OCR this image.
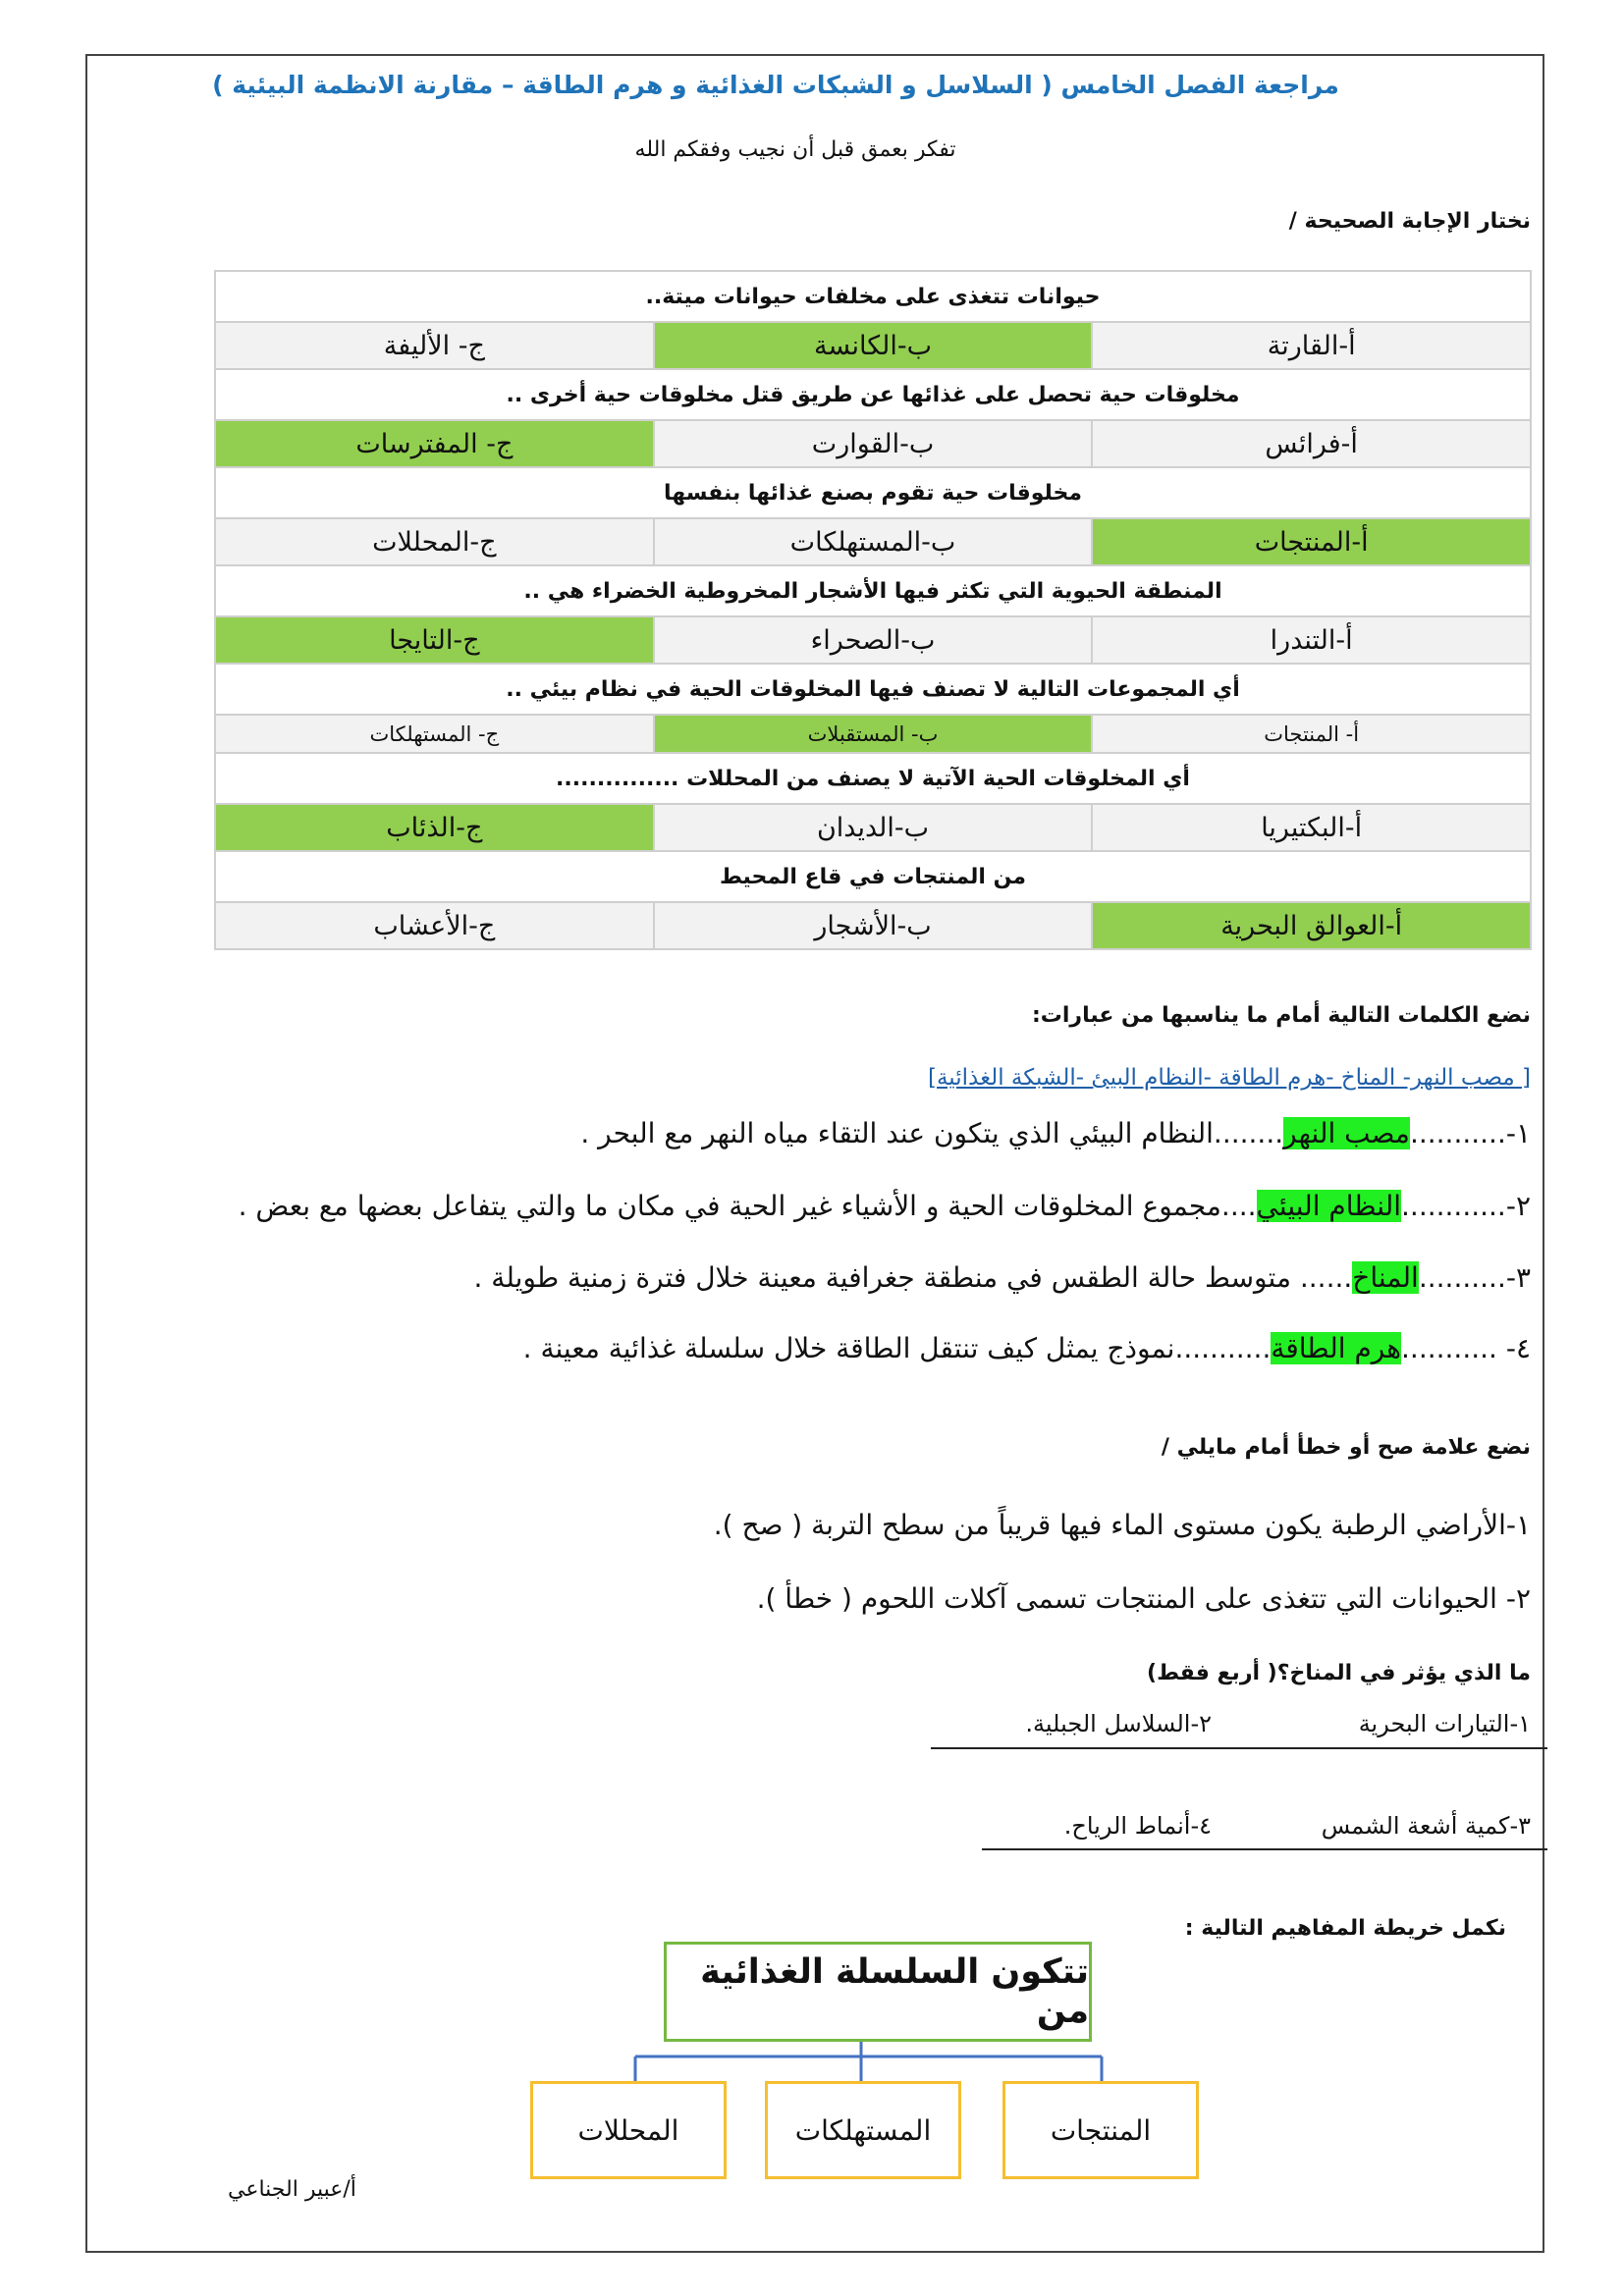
مراجعة الفصل الخامس ( السلاسل و الشبكات الغذائية و هرم الطاقة – مقارنة الانظمة البيئية )
تفكر بعمق قبل أن نجيب وفقكم الله
نختار الإجابة الصحيحة /
حيوانات تتغذى على مخلفات حيوانات ميتة..		
أ-القارتة	ب-الكانسة	ج- الأليفة
مخلوقات حية تحصل على غذائها عن طريق قتل مخلوقات حية أخرى ..		
أ-فرائس	ب-القوارت	ج- المفترسات
مخلوقات حية تقوم بصنع غذائها بنفسها		
أ-المنتجات	ب-المستهلكات	ج-المحللات
المنطقة الحيوية التي تكثر فيها الأشجار المخروطية الخضراء هي ..		
أ-التندرا	ب-الصحراء	ج-التايجا
أي المجموعات التالية لا تصنف فيها المخلوقات الحية في نظام بيئي ..		
أ- المنتجات	ب- المستقبلات	ج- المستهلكات
أي المخلوقات الحية الآتية لا يصنف من المحللات ...............		
أ-البكتيريا	ب-الديدان	ج-الذئاب
من المنتجات في قاع المحيط		
أ-العوالق البحرية	ب-الأشجار	ج-الأعشاب
نضع الكلمات التالية أمام ما يناسبها من عبارات:
[ مصب النهر- المناخ -هرم الطاقة -النظام البيئ -الشبكة الغذائية]
١-...........مصب النهر........النظام البيئي الذي يتكون عند التقاء مياه النهر مع البحر .
٢-............النظام البيئي....مجموع المخلوقات الحية و الأشياء غير الحية في مكان ما والتي يتفاعل بعضها مع بعض .
٣-..........المناخ...... متوسط حالة الطقس في منطقة جغرافية معينة خلال فترة زمنية طويلة .
٤- ...........هرم الطاقة...........نموذج يمثل كيف تنتقل الطاقة خلال سلسلة غذائية معينة .
نضع علامة صح أو خطأ أمام مايلي /
١-الأراضي الرطبة يكون مستوى الماء فيها قريباً من سطح التربة ( صح ).
٢- الحيوانات التي تتغذى على المنتجات تسمى آكلات اللحوم ( خطأ ).
ما الذي يؤثر في المناخ؟( أربع فقط)
١-التيارات البحرية
٢-السلاسل الجبلية.
٣-كمية أشعة الشمس
٤-أنماط الرياح.
نكمل خريطة المفاهيم التالية :
تتكون السلسلة الغذائية من
المنتجات
المستهلكات
المحللات
أ/عبير الجناعي
